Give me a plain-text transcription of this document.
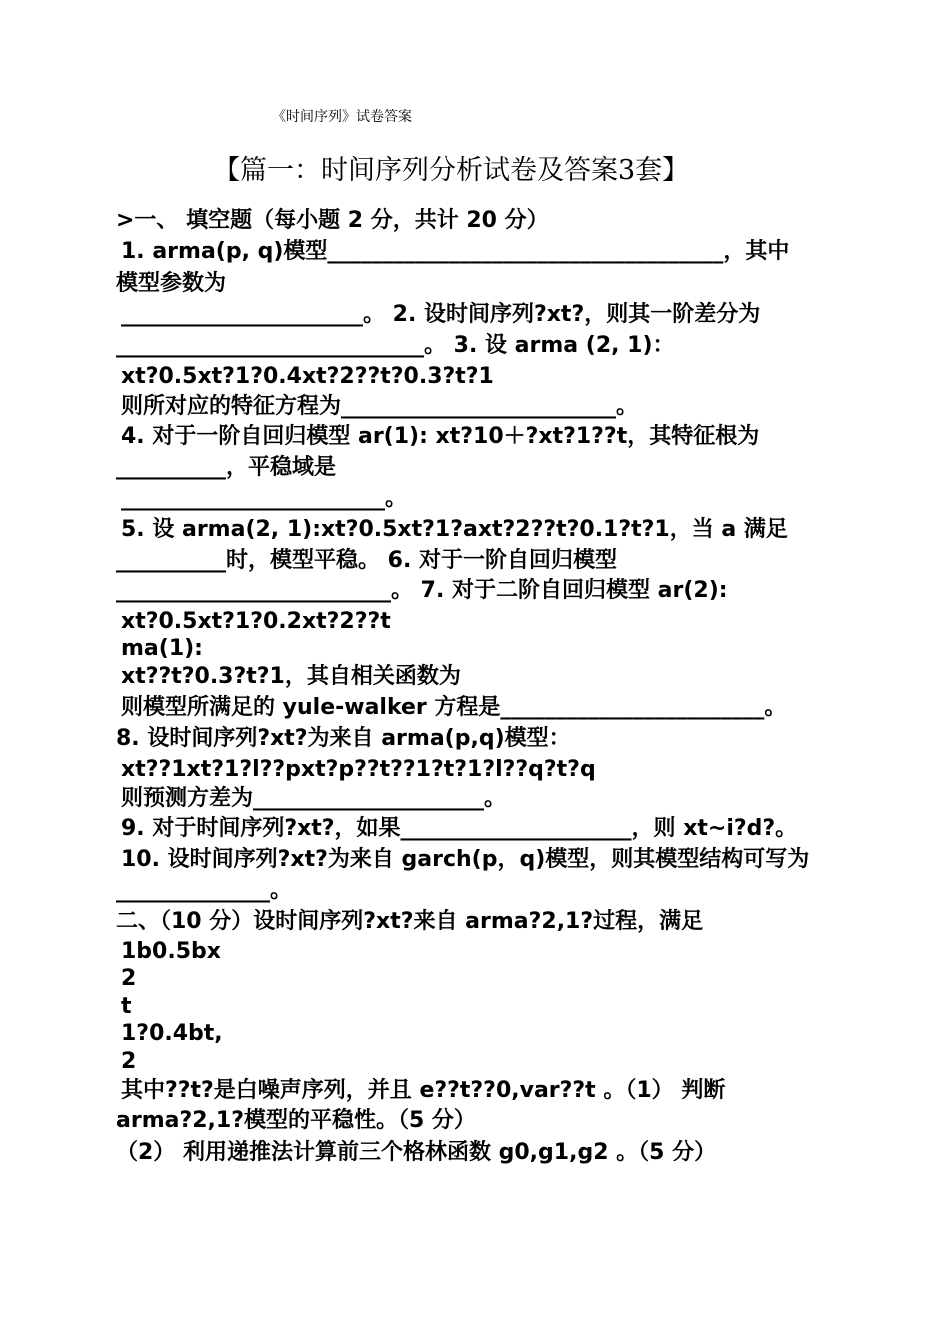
《时间序列》试卷答案
【篇一：时间序列分析试卷及答案3套】
>一、 填空题（每小题 2 分，共计 20 分）
1. arma(p, q)模型____________________________________，其中
模型参数为
______________________。 2. 设时间序列?xt?，则其一阶差分为
____________________________。 3. 设 arma (2, 1)：
xt?0.5xt?1?0.4xt?2??t?0.3?t?1
则所对应的特征方程为_________________________。
4. 对于一阶自回归模型 ar(1): xt?10＋?xt?1??t，其特征根为
__________，平稳域是
________________________。
5. 设 arma(2, 1):xt?0.5xt?1?axt?2??t?0.1?t?1，当 a 满足
__________时，模型平稳。 6. 对于一阶自回归模型
_________________________。 7. 对于二阶自回归模型 ar(2):
xt?0.5xt?1?0.2xt?2??t
ma(1):
xt??t?0.3?t?1，其自相关函数为
则模型所满足的 yule-walker 方程是________________________。
8. 设时间序列?xt?为来自 arma(p,q)模型：
xt??1xt?1?l??pxt?p??t??1?t?1?l??q?t?q
则预测方差为_____________________。
9. 对于时间序列?xt?，如果_____________________，则 xt~i?d?。
10. 设时间序列?xt?为来自 garch(p，q)模型，则其模型结构可写为
______________。
二、（10 分）设时间序列?xt?来自 arma?2,1?过程，满足
1b0.5bx
2
t
1?0.4bt,
2
其中??t?是白噪声序列，并且 e??t??0,var??t 。（1） 判断
arma?2,1?模型的平稳性。（5 分）
（2） 利用递推法计算前三个格林函数 g0,g1,g2 。（5 分）
